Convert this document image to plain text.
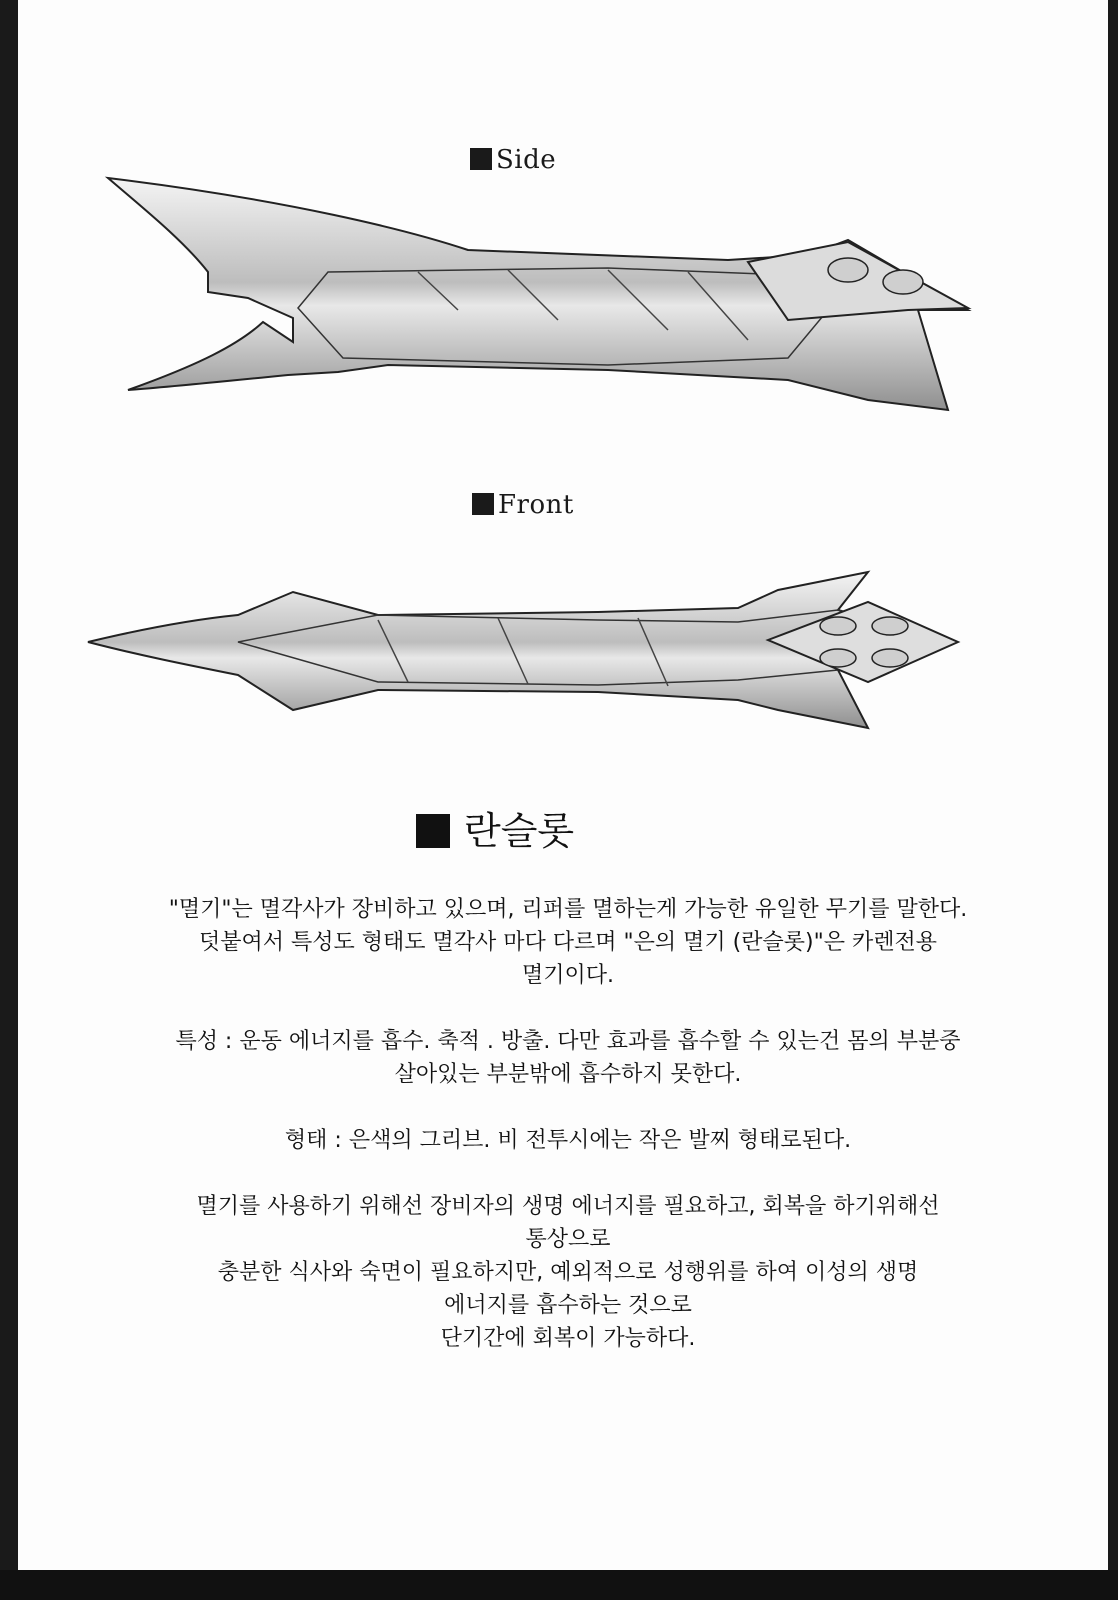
Side
Front
란슬롯

"멸기"는 멸각사가 장비하고 있으며, 리퍼를 멸하는게 가능한 유일한 무기를 말한다.
덧붙여서 특성도 형태도 멸각사 마다 다르며 "은의 멸기 (란슬롯)"은 카렌전용
멸기이다.

특성 : 운동 에너지를 흡수. 축적 . 방출. 다만 효과를 흡수할 수 있는건 몸의 부분중
살아있는 부분밖에 흡수하지 못한다.

형태 : 은색의 그리브. 비 전투시에는 작은 발찌 형태로된다.

멸기를 사용하기 위해선 장비자의 생명 에너지를 필요하고, 회복을 하기위해선
통상으로
충분한 식사와 숙면이 필요하지만, 예외적으로 성행위를 하여 이성의 생명
에너지를 흡수하는 것으로
단기간에 회복이 가능하다.
